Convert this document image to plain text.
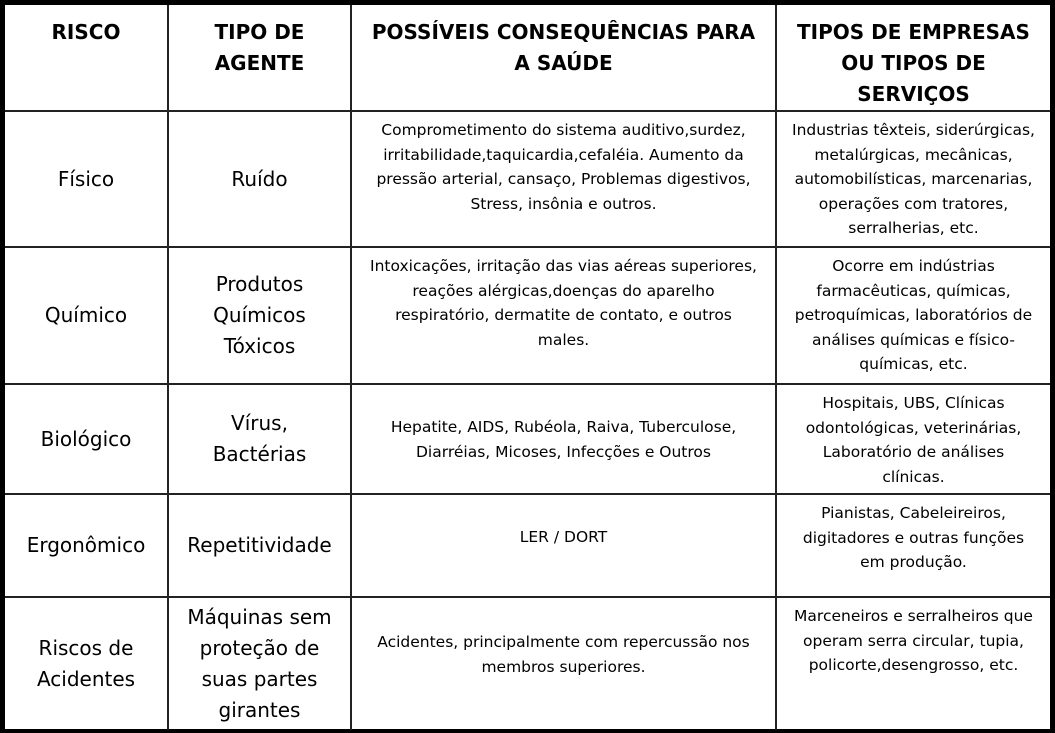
RISCO	TIPO DE AGENTE	POSSÍVEIS CONSEQUÊNCIAS PARA A SAÚDE	TIPOS DE EMPRESAS OU TIPOS DE SERVIÇOS
Físico	Ruído	Comprometimento do sistema auditivo,surdez, irritabilidade,taquicardia,cefaléia. Aumento da pressão arterial, cansaço, Problemas digestivos, Stress, insônia e outros.	Industrias têxteis, siderúrgicas, metalúrgicas, mecânicas, automobilísticas, marcenarias, operações com tratores, serralherias, etc.
Químico	Produtos Químicos Tóxicos	Intoxicações, irritação das vias aéreas superiores, reações alérgicas,doenças do aparelho respiratório, dermatite de contato, e outros males.	Ocorre em indústrias farmacêuticas, químicas, petroquímicas, laboratórios de análises químicas e físico-químicas, etc.
Biológico	Vírus, Bactérias	Hepatite, AIDS, Rubéola, Raiva, Tuberculose, Diarréias, Micoses, Infecções e Outros	Hospitais, UBS, Clínicas odontológicas, veterinárias, Laboratório de análises clínicas.
Ergonômico	Repetitividade	LER / DORT	Pianistas, Cabeleireiros, digitadores e outras funções em produção.
Riscos de Acidentes	Máquinas sem proteção de suas partes girantes	Acidentes, principalmente com repercussão nos membros superiores.	Marceneiros e serralheiros que operam serra circular, tupia, policorte,desengrosso, etc.
